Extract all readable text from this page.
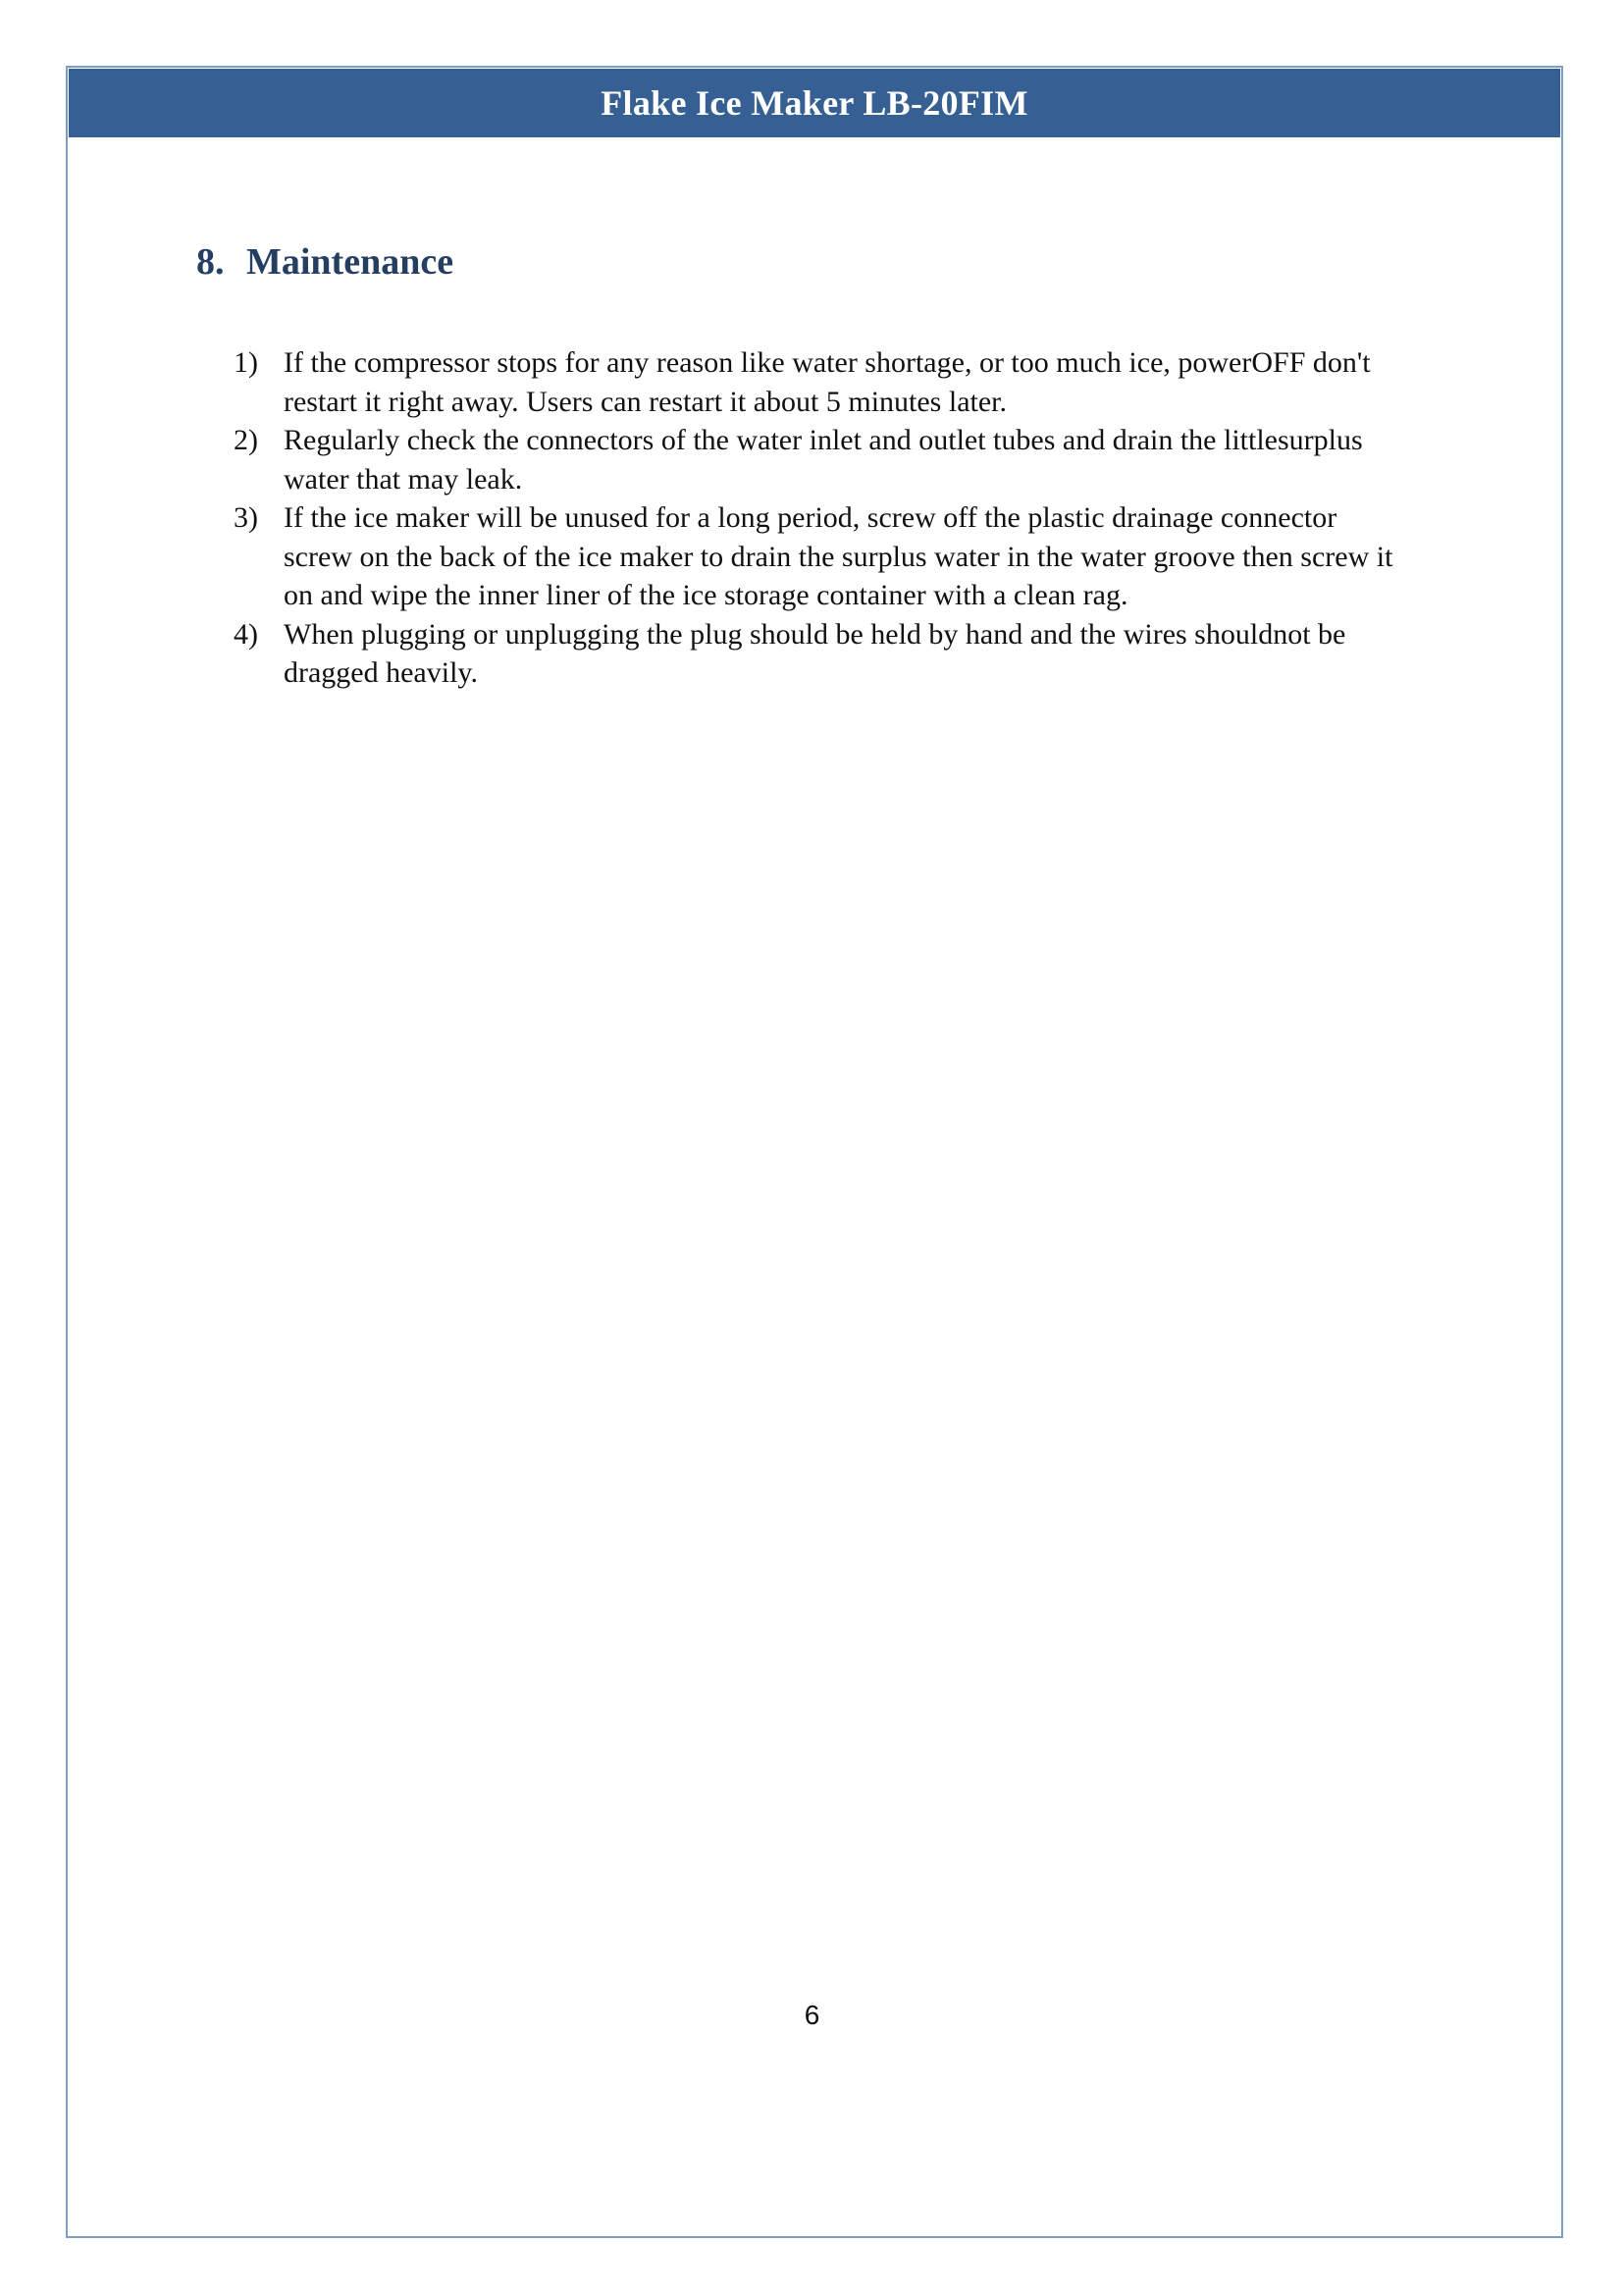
Flake Ice Maker LB-20FIM
8. Maintenance
1) If the compressor stops for any reason like water shortage, or too much ice, powerOFF don't restart it right away. Users can restart it about 5 minutes later.
2) Regularly check the connectors of the water inlet and outlet tubes and drain the littlesurplus water that may leak.
3) If the ice maker will be unused for a long period, screw off the plastic drainage connector screw on the back of the ice maker to drain the surplus water in the water groove then screw it on and wipe the inner liner of the ice storage container with a clean rag.
4) When plugging or unplugging the plug should be held by hand and the wires shouldnot be dragged heavily.
6
